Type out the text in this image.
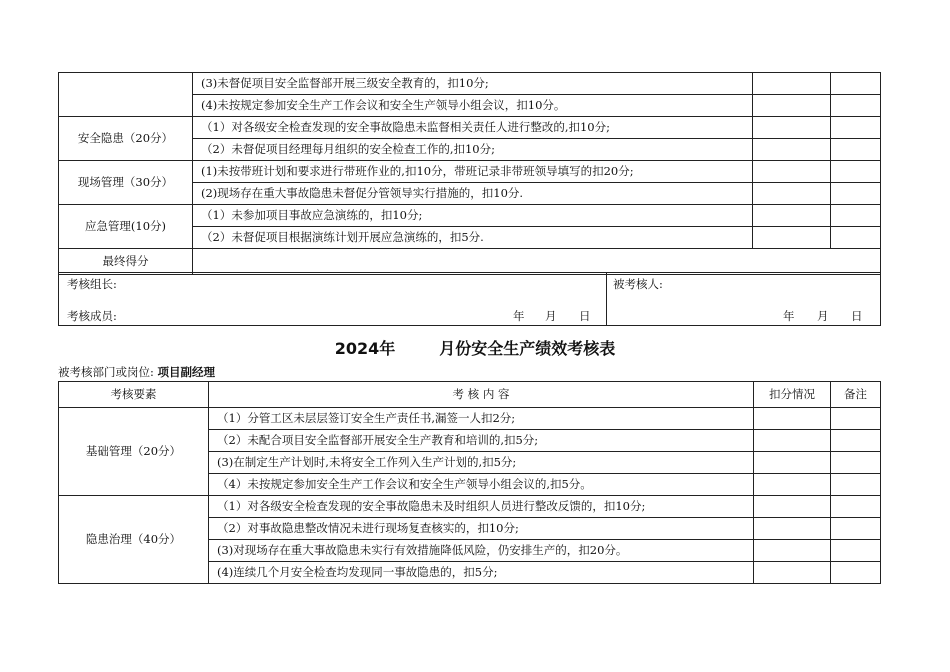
	(3)未督促项目安全监督部开展三级安全教育的，扣10分;		
	(4)未按规定参加安全生产工作会议和安全生产领导小组会议，扣10分。		
安全隐患（20分）	（1）对各级安全检查发现的安全事故隐患未监督相关责任人进行整改的,扣10分;		
	（2）未督促项目经理每月组织的安全检查工作的,扣10分;		
现场管理（30分）	(1)未按带班计划和要求进行带班作业的,扣10分，带班记录非带班领导填写的扣20分;		
	(2)现场存在重大事故隐患未督促分管领导实行措施的，扣10分.		
应急管理(10分)	（1）未参加项目事故应急演练的，扣10分;		
	（2）未督促项目根据演练计划开展应急演练的，扣5分.		
最终得分			
考核组长:
考核成员:	年 月 日

被考核人:
年 月 日
2024年	月份安全生产绩效考核表
被考核部门或岗位: 项目副经理
考核要素	考 核 内 容	扣分情况	备注
基础管理（20分）	（1）分管工区未层层签订安全生产责任书,漏签一人扣2分;		
	（2）未配合项目安全监督部开展安全生产教育和培训的,扣5分;		
	(3)在制定生产计划时,未将安全工作列入生产计划的,扣5分;		
	（4）未按规定参加安全生产工作会议和安全生产领导小组会议的,扣5分。		
隐患治理（40分）	（1）对各级安全检查发现的安全事故隐患未及时组织人员进行整改反馈的，扣10分;		
	（2）对事故隐患整改情况未进行现场复查核实的，扣10分;		
	(3)对现场存在重大事故隐患未实行有效措施降低风险，仍安排生产的，扣20分。		
	(4)连续几个月安全检查均发现同一事故隐患的，扣5分;		
